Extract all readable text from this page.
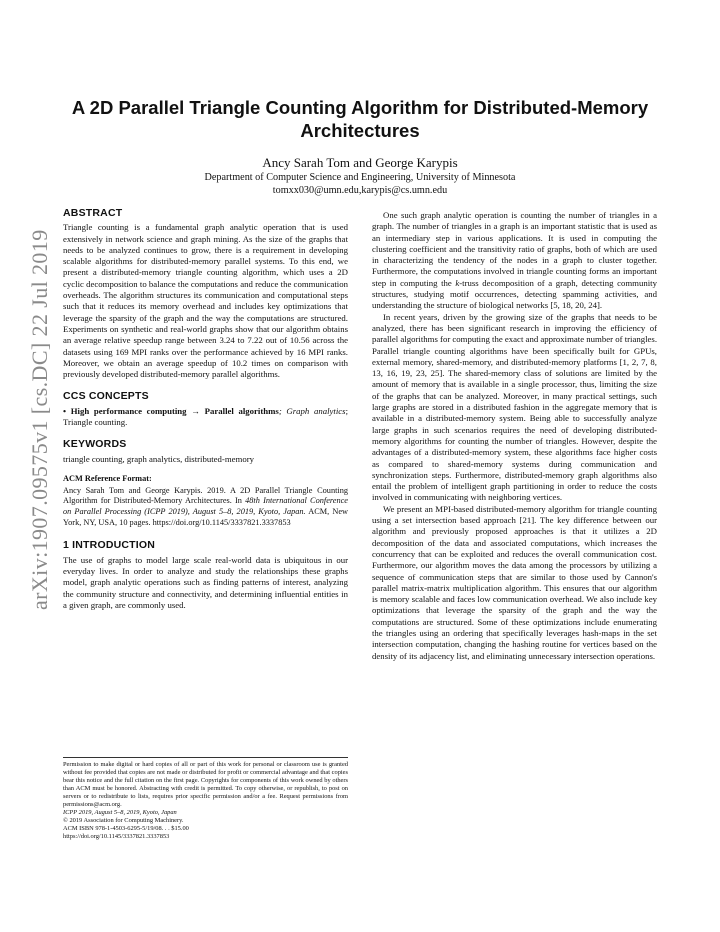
arXiv:1907.09575v1 [cs.DC] 22 Jul 2019
A 2D Parallel Triangle Counting Algorithm for Distributed-Memory Architectures
Ancy Sarah Tom and George Karypis
Department of Computer Science and Engineering, University of Minnesota
tomxx030@umn.edu,karypis@cs.umn.edu
ABSTRACT

Triangle counting is a fundamental graph analytic operation that is used extensively in network science and graph mining. As the size of the graphs that needs to be analyzed continues to grow, there is a requirement in developing scalable algorithms for distributed-memory parallel systems. To this end, we present a distributed-memory triangle counting algorithm, which uses a 2D cyclic decomposition to balance the computations and reduce the communication overheads. The algorithm structures its communication and computational steps such that it reduces its memory overhead and includes key optimizations that leverage the sparsity of the graph and the way the computations are structured. Experiments on synthetic and real-world graphs show that our algorithm obtains an average relative speedup range between 3.24 to 7.22 out of 10.56 across the datasets using 169 MPI ranks over the performance achieved by 16 MPI ranks. Moreover, we obtain an average speedup of 10.2 times on comparison with previously developed distributed-memory parallel algorithms.

CCS CONCEPTS

• High performance computing → Parallel algorithms; Graph analytics; Triangle counting.

KEYWORDS

triangle counting, graph analytics, distributed-memory

ACM Reference Format:

Ancy Sarah Tom and George Karypis. 2019. A 2D Parallel Triangle Counting Algorithm for Distributed-Memory Architectures. In 48th International Conference on Parallel Processing (ICPP 2019), August 5–8, 2019, Kyoto, Japan. ACM, New York, NY, USA, 10 pages. https://doi.org/10.1145/3337821.3337853

1 INTRODUCTION

The use of graphs to model large scale real-world data is ubiquitous in our everyday lives. In order to analyze and study the relationships these graphs model, graph analytic operations such as finding patterns of interest, analyzing the community structure and connectivity, and determining influential entities in a given graph, are commonly used.

Permission to make digital or hard copies of all or part of this work for personal or classroom use is granted without fee provided that copies are not made or distributed for profit or commercial advantage and that copies bear this notice and the full citation on the first page. Copyrights for components of this work owned by others than ACM must be honored. Abstracting with credit is permitted. To copy otherwise, or republish, to post on servers or to redistribute to lists, requires prior specific permission and/or a fee. Request permissions from permissions@acm.org.

ICPP 2019, August 5–8, 2019, Kyoto, Japan

© 2019 Association for Computing Machinery.

ACM ISBN 978-1-4503-6295-5/19/08. . . $15.00

https://doi.org/10.1145/3337821.3337853

One such graph analytic operation is counting the number of triangles in a graph. The number of triangles in a graph is an important statistic that is used as an intermediary step in various applications. It is used in computing the clustering coefficient and the transitivity ratio of graphs, both of which are used in characterizing the tendency of the nodes in a graph to cluster together. Furthermore, the computations involved in triangle counting forms an important step in computing the k-truss decomposition of a graph, detecting community structures, studying motif occurrences, detecting spamming activities, and understanding the structure of biological networks [5, 18, 20, 24].

In recent years, driven by the growing size of the graphs that needs to be analyzed, there has been significant research in improving the efficiency of parallel algorithms for computing the exact and approximate number of triangles. Parallel triangle counting algorithms have been specifically built for GPUs, external memory, shared-memory, and distributed-memory platforms [1, 2, 7, 8, 13, 16, 19, 23, 25]. The shared-memory class of solutions are limited by the amount of memory that is available in a single processor, thus, limiting the size of the graphs that can be analyzed. Moreover, in many practical settings, such large graphs are stored in a distributed fashion in the aggregate memory that is available in a distributed-memory system. Being able to successfully analyze large graphs in such scenarios requires the need of developing distributed-memory algorithms for counting the number of triangles. However, despite the advantages of a distributed-memory system, these algorithms face higher costs as compared to shared-memory systems during communication and synchronization steps. Furthermore, distributed-memory graph algorithms also entail the problem of intelligent graph partitioning in order to reduce the costs involved in communicating with neighboring vertices.

We present an MPI-based distributed-memory algorithm for triangle counting using a set intersection based approach [21]. The key difference between our algorithm and previously proposed approaches is that it utilizes a 2D decomposition of the data and associated computations, which increases the concurrency that can be exploited and reduces the overall communication cost. Furthermore, our algorithm moves the data among the processors by utilizing a sequence of communication steps that are similar to those used by Cannon's parallel matrix-matrix multiplication algorithm. This ensures that our algorithm is memory scalable and faces low communication overhead. We also include key optimizations that leverage the sparsity of the graph and the way the computations are structured. Some of these optimizations include enumerating the triangles using an ordering that specifically leverages hash-maps in the set intersection computation, changing the hashing routine for vertices based on the density of its adjacency list, and eliminating unnecessary intersection operations.
